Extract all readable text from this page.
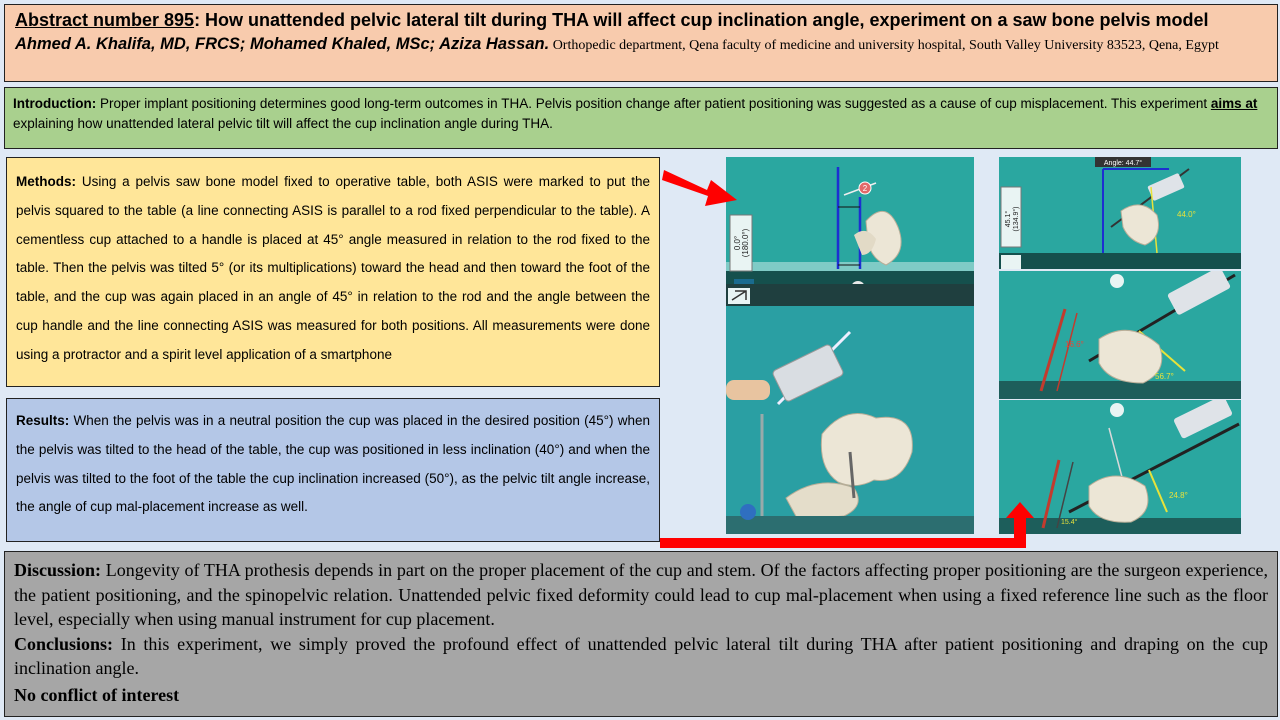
Abstract number 895: How unattended pelvic lateral tilt during THA will affect cup inclination angle, experiment on a saw bone pelvis model
Ahmed A. Khalifa, MD, FRCS; Mohamed Khaled, MSc; Aziza Hassan. Orthopedic department, Qena faculty of medicine and university hospital, South Valley University 83523, Qena, Egypt
Introduction: Proper implant positioning determines good long-term outcomes in THA. Pelvis position change after patient positioning was suggested as a cause of cup misplacement. This experiment aims at explaining how unattended lateral pelvic tilt will affect the cup inclination angle during THA.
Methods: Using a pelvis saw bone model fixed to operative table, both ASIS were marked to put the pelvis squared to the table (a line connecting ASIS is parallel to a rod fixed perpendicular to the table). A cementless cup attached to a handle is placed at 45° angle measured in relation to the rod fixed to the table. Then the pelvis was tilted 5° (or its multiplications) toward the head and then toward the foot of the table, and the cup was again placed in an angle of 45° in relation to the rod and the angle between the cup handle and the line connecting ASIS was measured for both positions. All measurements were done using a protractor and a spirit level application of a smartphone
Results: When the pelvis was in a neutral position the cup was placed in the desired position (45°) when the pelvis was tilted to the head of the table, the cup was positioned in less inclination (40°) and when the pelvis was tilted to the foot of the table the cup inclination increased (50°), as the pelvic tilt angle increase, the angle of cup mal-placement increase as well.
Discussion: Longevity of THA prothesis depends in part on the proper placement of the cup and stem. Of the factors affecting proper positioning are the surgeon experience, the patient positioning, and the spinopelvic relation. Unattended pelvic fixed deformity could lead to cup mal-placement when using a fixed reference line such as the floor level, especially when using manual instrument for cup placement.
Conclusions: In this experiment, we simply proved the profound effect of unattended pelvic lateral tilt during THA after patient positioning and draping on the cup inclination angle.
No conflict of interest
0.0° (180.0°)
2
Angle: 44.7°
45.1° (134.9°)	44.0°
16.6°
56.7°
24.8°
15.4°
